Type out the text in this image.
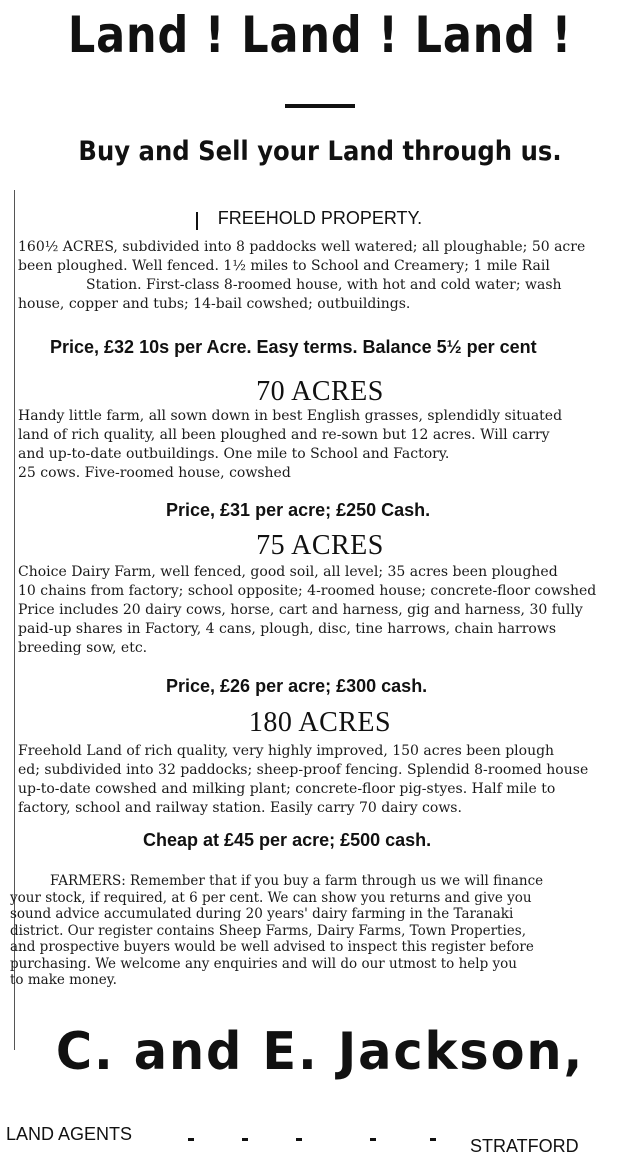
Land ! Land ! Land !
Buy and Sell your Land through us.
FREEHOLD PROPERTY.
160½ ACRES, subdivided into 8 paddocks well watered; all ploughable; 50 acre
been ploughed. Well fenced. 1½ miles to School and Creamery; 1 mile Rail
Station. First-class 8-roomed house, with hot and cold water; wash
house, copper and tubs; 14-bail cowshed; outbuildings.
Price, £32 10s per Acre. Easy terms. Balance 5½ per cent
70 ACRES
Handy little farm, all sown down in best English grasses, splendidly situated
land of rich quality, all been ploughed and re-sown but 12 acres. Will carry
and up-to-date outbuildings. One mile to School and Factory.
25 cows. Five-roomed house, cowshed
Price, £31 per acre; £250 Cash.
75 ACRES
Choice Dairy Farm, well fenced, good soil, all level; 35 acres been ploughed
10 chains from factory; school opposite; 4-roomed house; concrete-floor cowshed
Price includes 20 dairy cows, horse, cart and harness, gig and harness, 30 fully
paid-up shares in Factory, 4 cans, plough, disc, tine harrows, chain harrows
breeding sow, etc.
Price, £26 per acre; £300 cash.
180 ACRES
Freehold Land of rich quality, very highly improved, 150 acres been plough
ed; subdivided into 32 paddocks; sheep-proof fencing. Splendid 8-roomed house
up-to-date cowshed and milking plant; concrete-floor pig-styes. Half mile to
factory, school and railway station. Easily carry 70 dairy cows.
Cheap at £45 per acre; £500 cash.
FARMERS: Remember that if you buy a farm through us we will finance
your stock, if required, at 6 per cent. We can show you returns and give you
sound advice accumulated during 20 years' dairy farming in the Taranaki
district. Our register contains Sheep Farms, Dairy Farms, Town Properties,
and prospective buyers would be well advised to inspect this register before
purchasing. We welcome any enquiries and will do our utmost to help you
to make money.
C. and E. Jackson,
LAND AGENTS
STRATFORD
